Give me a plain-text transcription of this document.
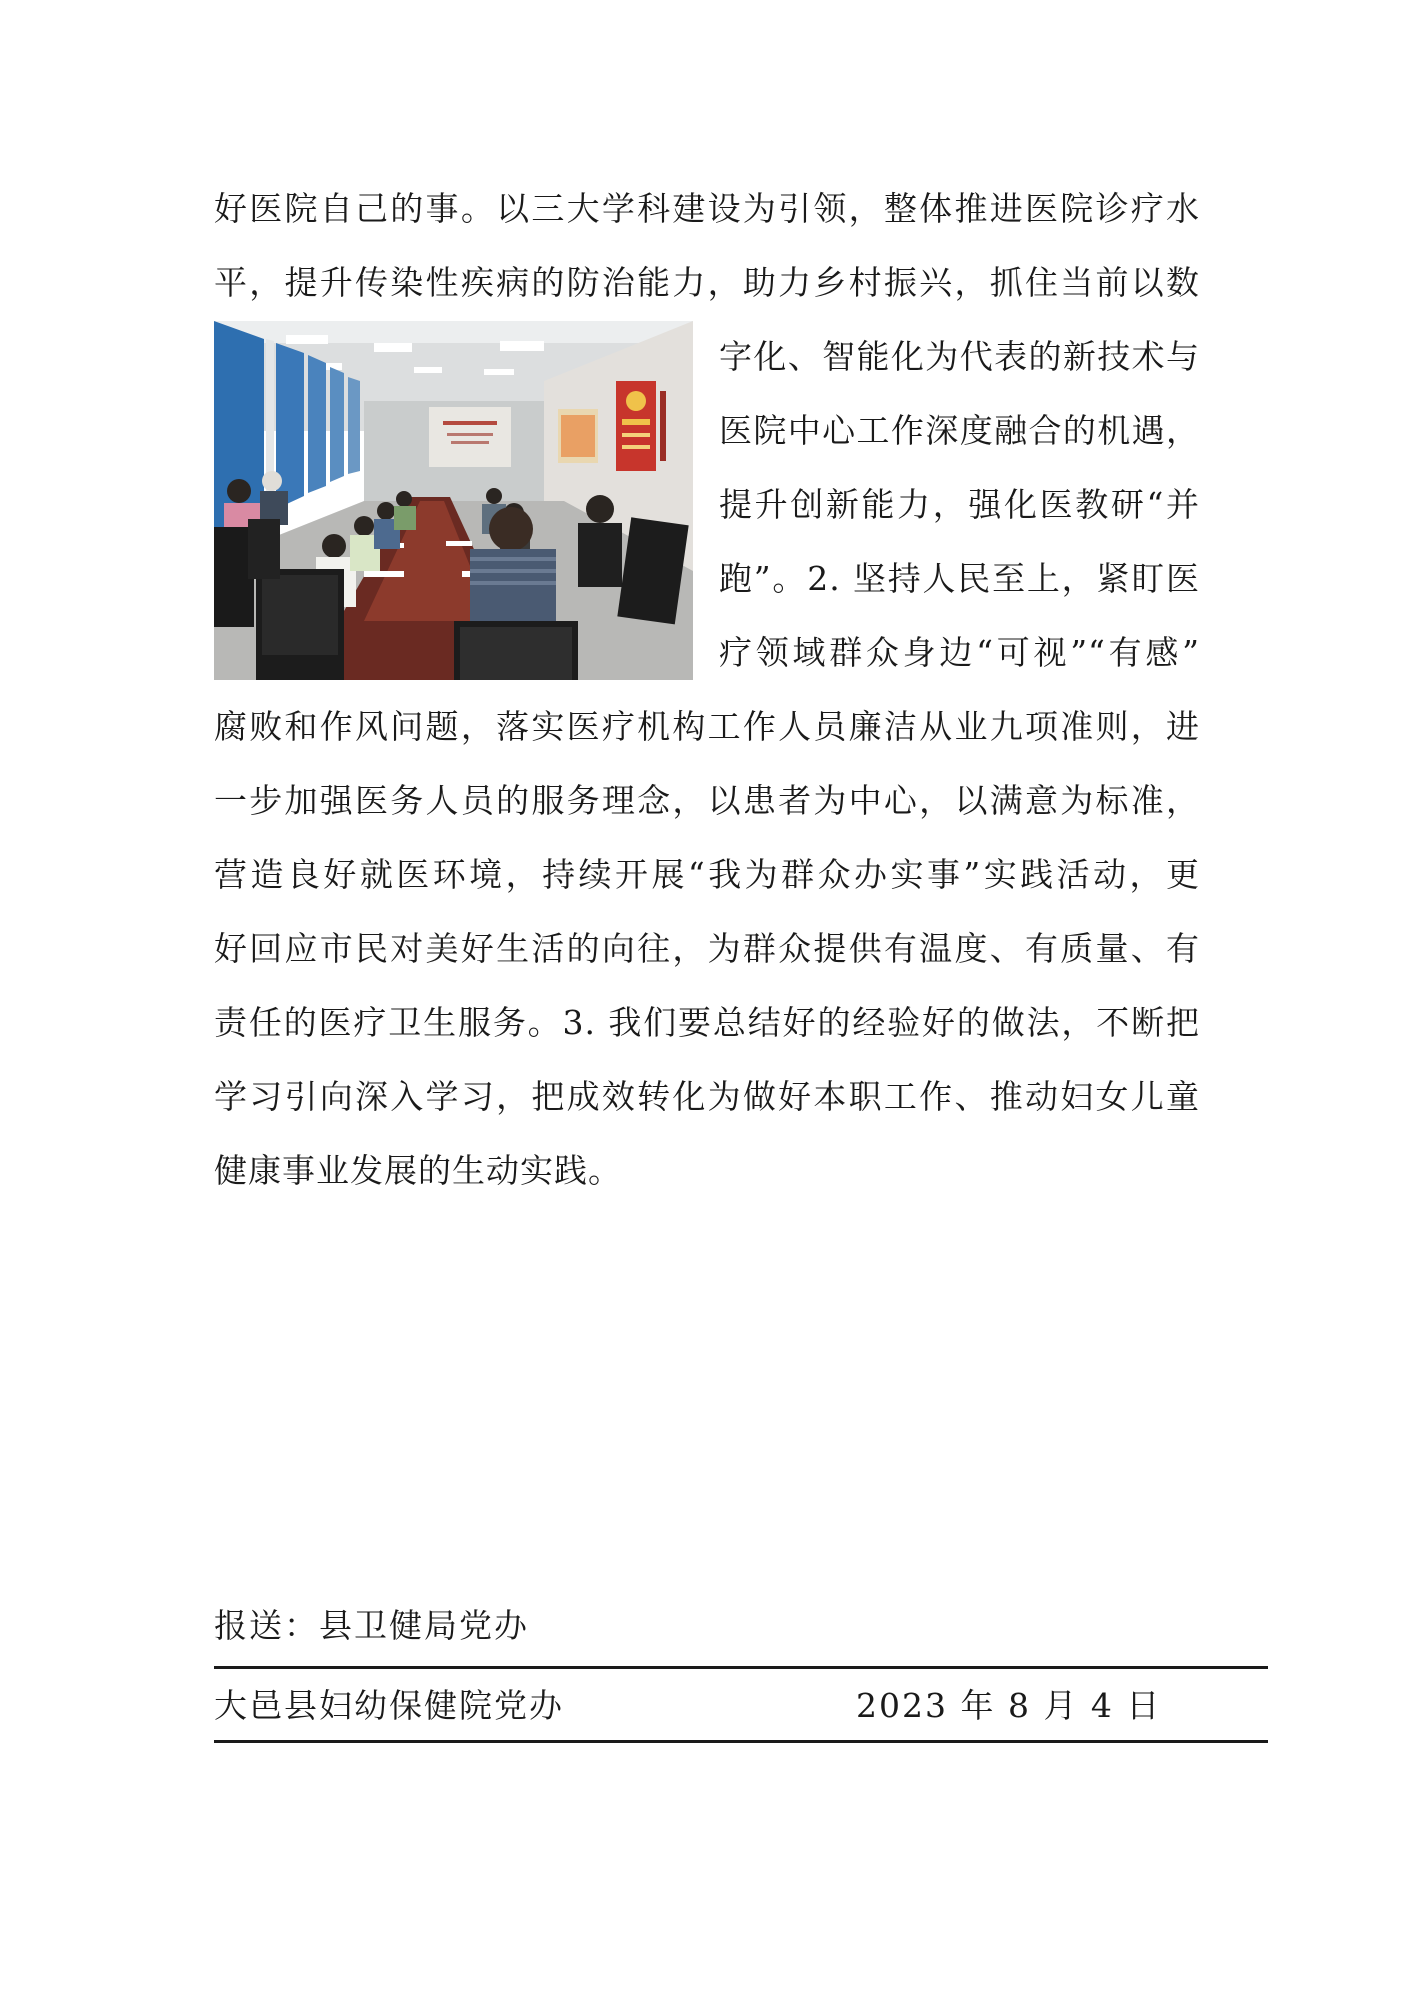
好医院自己的事。以三大学科建设为引领，整体推进医院诊疗水
平，提升传染性疾病的防治能力，助力乡村振兴，抓住当前以数
字化、智能化为代表的新技术与
医院中心工作深度融合的机遇，
提升创新能力，强化医教研“并
跑”。2. 坚持人民至上，紧盯医
疗领域群众身边“可视”“有感”
腐败和作风问题，落实医疗机构工作人员廉洁从业九项准则，进
一步加强医务人员的服务理念，以患者为中心，以满意为标准，
营造良好就医环境，持续开展“我为群众办实事”实践活动，更
好回应市民对美好生活的向往，为群众提供有温度、有质量、有
责任的医疗卫生服务。3. 我们要总结好的经验好的做法，不断把
学习引向深入学习，把成效转化为做好本职工作、推动妇女儿童
健康事业发展的生动实践。
报送：县卫健局党办
大邑县妇幼保健院党办	2023 年 8 月 4 日
